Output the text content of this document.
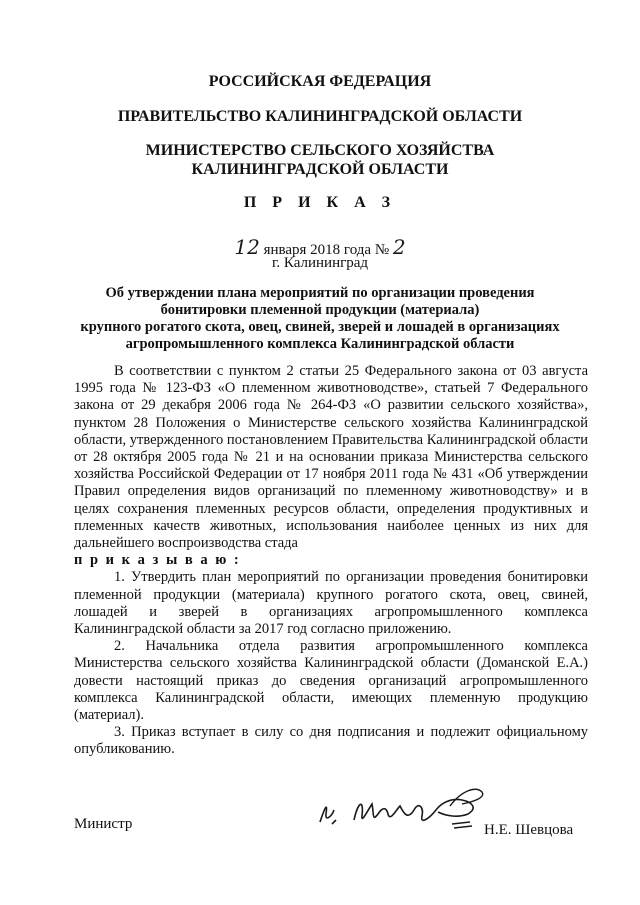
РОССИЙСКАЯ ФЕДЕРАЦИЯ
ПРАВИТЕЛЬСТВО КАЛИНИНГРАДСКОЙ ОБЛАСТИ
МИНИСТЕРСТВО СЕЛЬСКОГО ХОЗЯЙСТВА
КАЛИНИНГРАДСКОЙ ОБЛАСТИ
П Р И К А З
12 января 2018 года № 2
г. Калининград
Об утверждении плана мероприятий по организации проведения
бонитировки племенной продукции (материала)
крупного рогатого скота, овец, свиней, зверей и лошадей в организациях
агропромышленного комплекса Калининградской области

В соответствии с пунктом 2 статьи 25 Федерального закона от 03 августа 1995 года № 123-ФЗ «О племенном животноводстве», статьей 7 Федерального закона от 29 декабря 2006 года № 264-ФЗ «О развитии сельского хозяйства», пунктом 28 Положения о Министерстве сельского хозяйства Калининградской области, утвержденного постановлением Правительства Калининградской области от 28 октября 2005 года № 21 и на основании приказа Министерства сельского хозяйства Российской Федерации от 17 ноября 2011 года № 431 «Об утверждении Правил определения видов организаций по племенному животноводству» и в целях сохранения племенных ресурсов области, определения продуктивных и племенных качеств животных, использования наиболее ценных из них для дальнейшего воспроизводства стада

п р и к а з ы в а ю :

1. Утвердить план мероприятий по организации проведения бонитировки племенной продукции (материала) крупного рогатого скота, овец, свиней, лошадей и зверей в организациях агропромышленного комплекса Калининградской области за 2017 год согласно приложению.

2. Начальника отдела развития агропромышленного комплекса Министерства сельского хозяйства Калининградской области (Доманской Е.А.) довести настоящий приказ до сведения организаций агропромышленного комплекса Калининградской области, имеющих племенную продукцию (материал).

3. Приказ вступает в силу со дня подписания и подлежит официальному опубликованию.

Министр	Н.Е. Шевцова
